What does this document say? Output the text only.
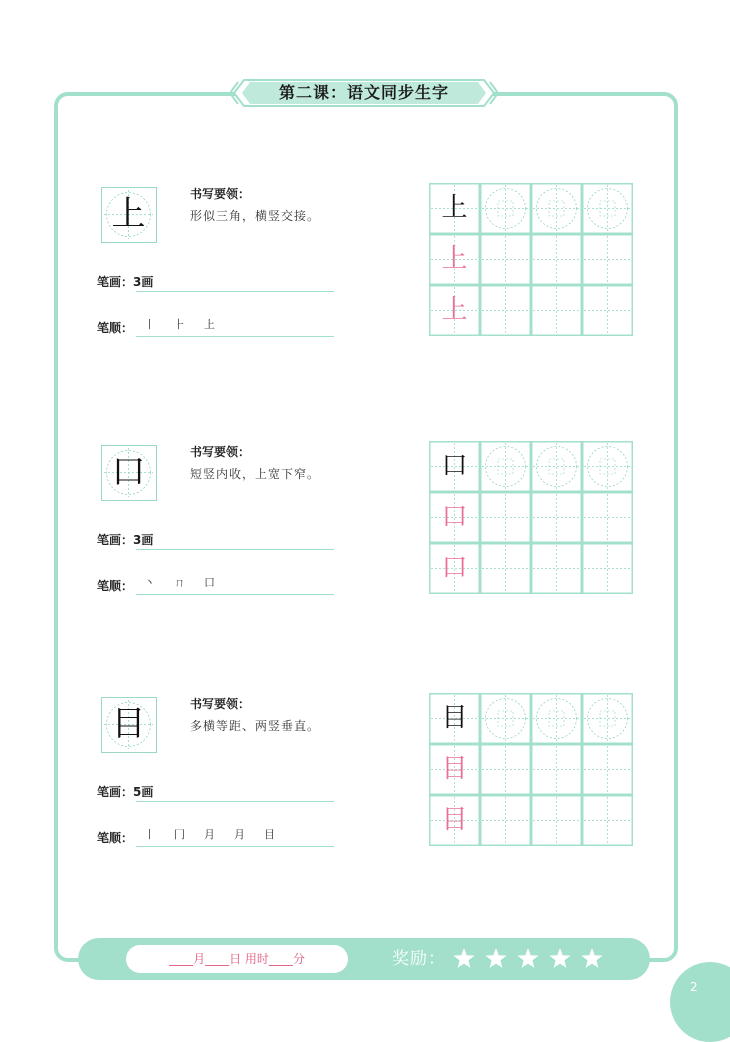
第二课：语文同步生字
上	书写要领：
形似三角，横竖交接。
笔画：3画
笔顺： 丨 ⺊ 上
上
上
上
口	书写要领：
短竖内收，上宽下窄。
笔画：3画
笔顺： 丶 ㄇ 口
口
口
口
目	书写要领：
多横等距、两竖垂直。
笔画：5画
笔顺： 丨 冂 月 月 目
目
目
目
____月____日 用时____分	奖励：
2
